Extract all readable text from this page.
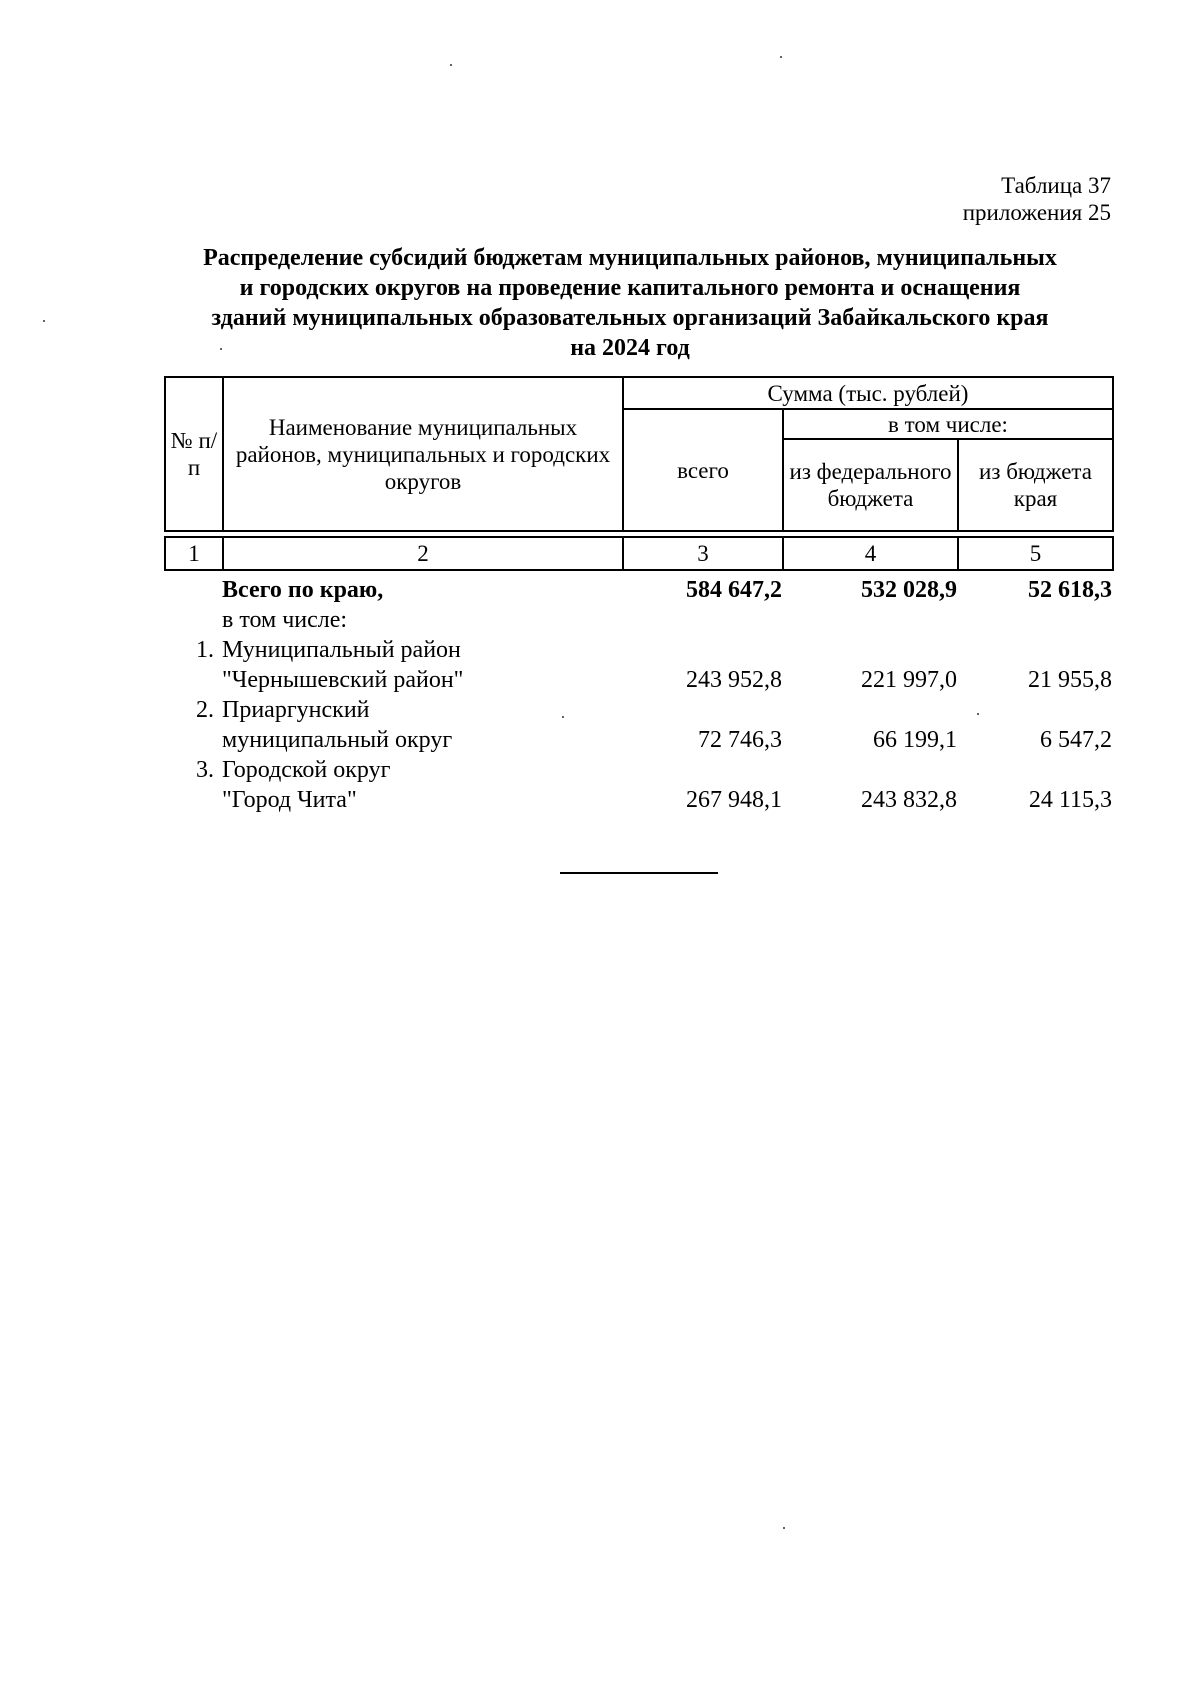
Таблица 37
приложения 25
Распределение субсидий бюджетам муниципальных районов, муниципальных
и городских округов на проведение капитального ремонта и оснащения
зданий муниципальных образовательных организаций Забайкальского края
на 2024 год
№ п/п	Наименование муниципальных районов, муниципальных и городских округов	Сумма (тыс. рублей)		
		всего	в том числе:	
			из федерального бюджета	из бюджета края

1	2	3	4	5
Всего по краю,	584 647,2	532 028,9	52 618,3
в том числе:
1. Муниципальный район
"Чернышевский район"	243 952,8	221 997,0	21 955,8
2. Приаргунский
муниципальный округ	72 746,3	66 199,1	6 547,2
3. Городской округ
"Город Чита"	267 948,1	243 832,8	24 115,3
